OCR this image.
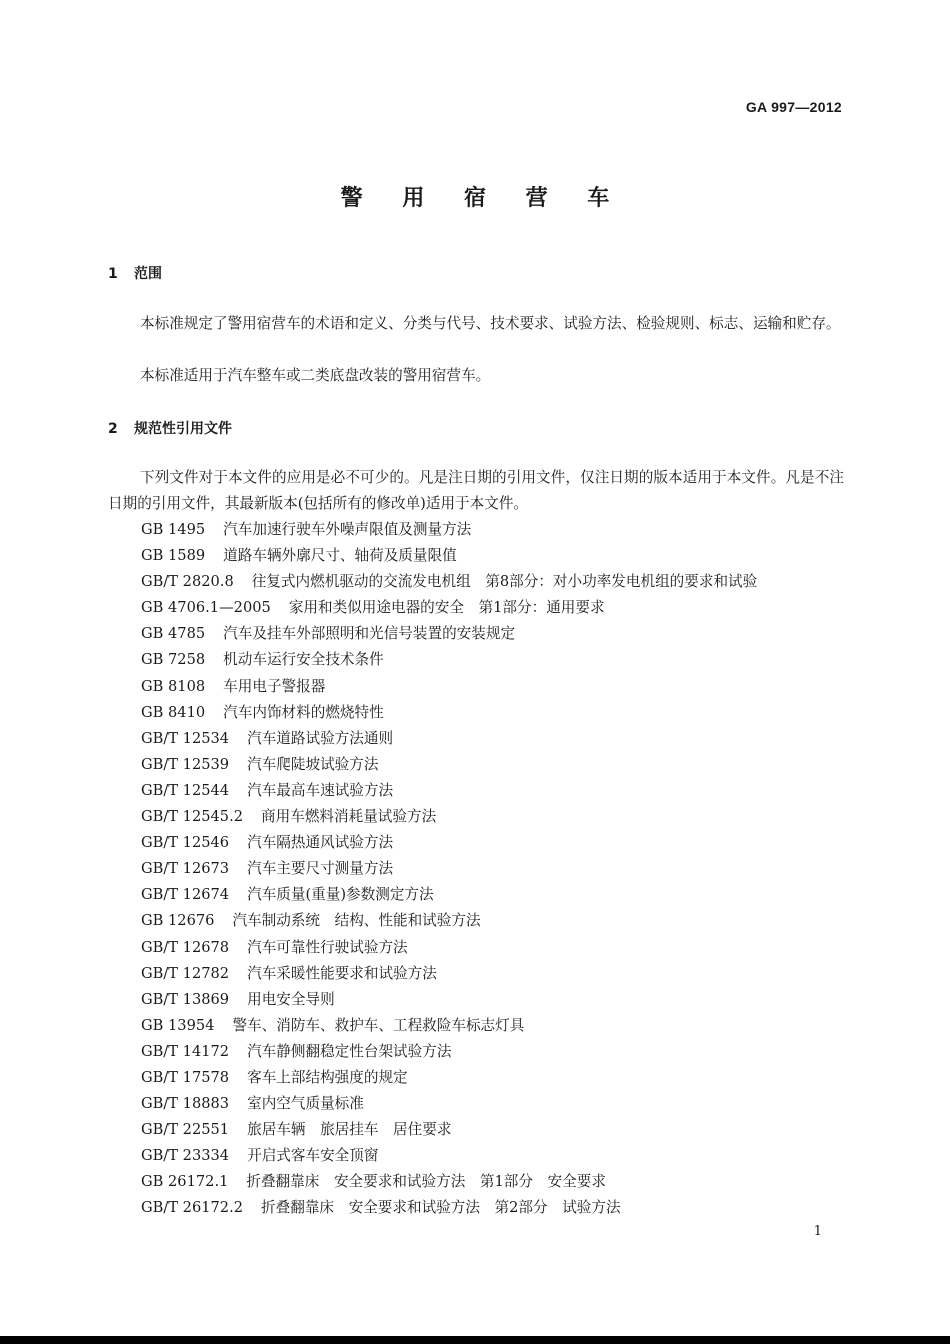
GA 997—2012
警 用 宿 营 车
1 范围
本标准规定了警用宿营车的术语和定义、分类与代号、技术要求、试验方法、检验规则、标志、运输和贮存。
本标准适用于汽车整车或二类底盘改装的警用宿营车。
2 规范性引用文件
下列文件对于本文件的应用是必不可少的。凡是注日期的引用文件，仅注日期的版本适用于本文件。凡是不注日期的引用文件，其最新版本(包括所有的修改单)适用于本文件。
GB 1495 汽车加速行驶车外噪声限值及测量方法
GB 1589 道路车辆外廓尺寸、轴荷及质量限值
GB/T 2820.8 往复式内燃机驱动的交流发电机组　第8部分：对小功率发电机组的要求和试验
GB 4706.1—2005 家用和类似用途电器的安全　第1部分：通用要求
GB 4785 汽车及挂车外部照明和光信号装置的安装规定
GB 7258 机动车运行安全技术条件
GB 8108 车用电子警报器
GB 8410 汽车内饰材料的燃烧特性
GB/T 12534 汽车道路试验方法通则
GB/T 12539 汽车爬陡坡试验方法
GB/T 12544 汽车最高车速试验方法
GB/T 12545.2 商用车燃料消耗量试验方法
GB/T 12546 汽车隔热通风试验方法
GB/T 12673 汽车主要尺寸测量方法
GB/T 12674 汽车质量(重量)参数测定方法
GB 12676 汽车制动系统　结构、性能和试验方法
GB/T 12678 汽车可靠性行驶试验方法
GB/T 12782 汽车采暖性能要求和试验方法
GB/T 13869 用电安全导则
GB 13954 警车、消防车、救护车、工程救险车标志灯具
GB/T 14172 汽车静侧翻稳定性台架试验方法
GB/T 17578 客车上部结构强度的规定
GB/T 18883 室内空气质量标准
GB/T 22551 旅居车辆　旅居挂车　居住要求
GB/T 23334 开启式客车安全顶窗
GB 26172.1 折叠翻靠床　安全要求和试验方法　第1部分　安全要求
GB/T 26172.2 折叠翻靠床　安全要求和试验方法　第2部分　试验方法
1
